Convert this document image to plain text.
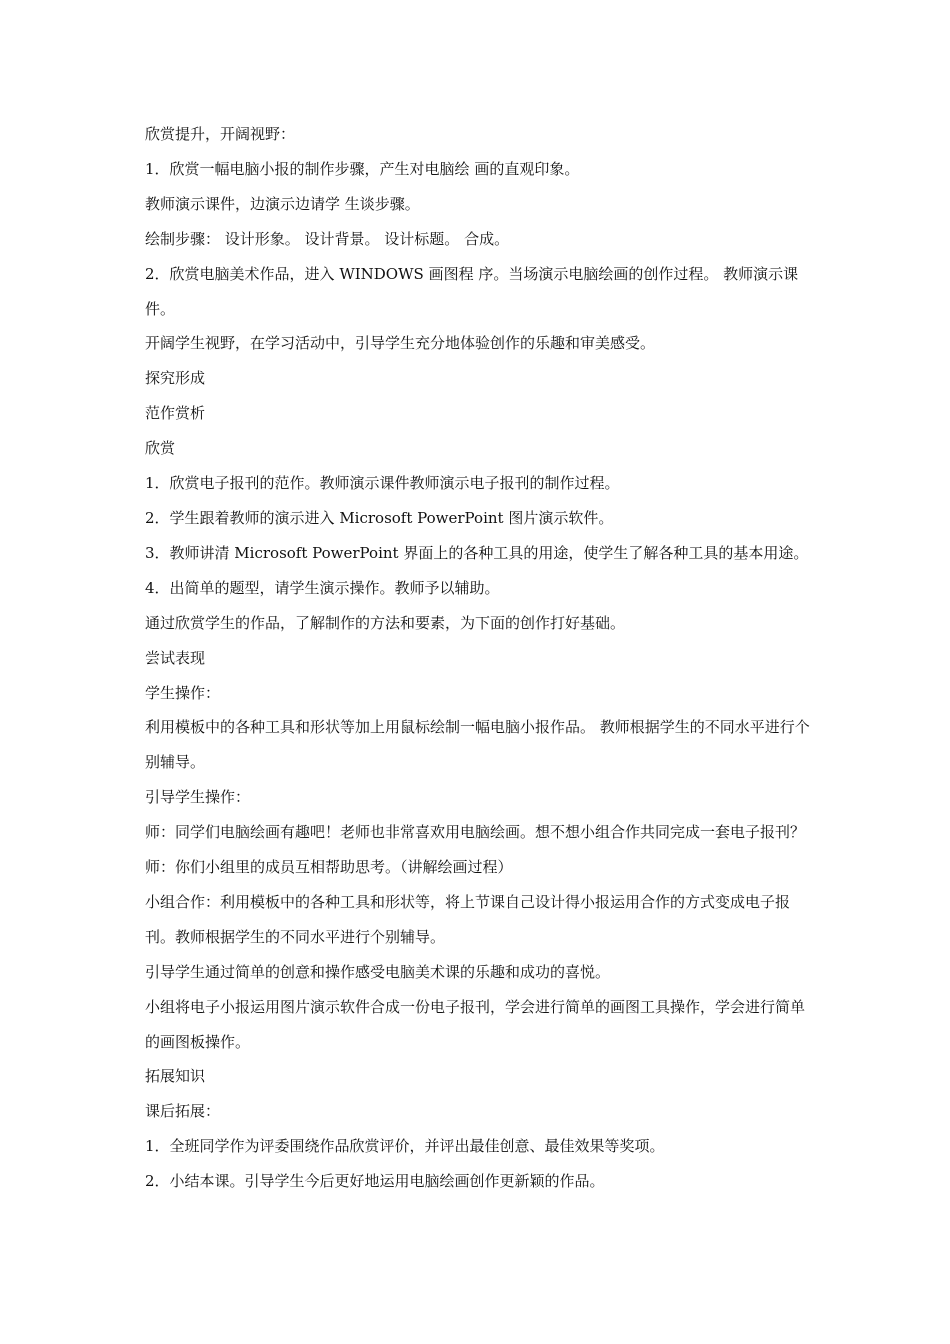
欣赏提升，开阔视野：

1．欣赏一幅电脑小报的制作步骤，产生对电脑绘 画的直观印象。

教师演示课件，边演示边请学 生谈步骤。

绘制步骤： 设计形象。 设计背景。 设计标题。 合成。

2．欣赏电脑美术作品，进入 WINDOWS 画图程 序。当场演示电脑绘画的创作过程。 教师演示课件。

开阔学生视野，在学习活动中，引导学生充分地体验创作的乐趣和审美感受。

探究形成

范作赏析

欣赏

1．欣赏电子报刊的范作。教师演示课件教师演示电子报刊的制作过程。

2．学生跟着教师的演示进入 Microsoft PowerPoint 图片演示软件。

3．教师讲清 Microsoft PowerPoint 界面上的各种工具的用途，使学生了解各种工具的基本用途。

4．出简单的题型，请学生演示操作。教师予以辅助。

通过欣赏学生的作品，了解制作的方法和要素，为下面的创作打好基础。

尝试表现

学生操作：

利用模板中的各种工具和形状等加上用鼠标绘制一幅电脑小报作品。 教师根据学生的不同水平进行个别辅导。

引导学生操作：

师：同学们电脑绘画有趣吧！老师也非常喜欢用电脑绘画。想不想小组合作共同完成一套电子报刊？ 师：你们小组里的成员互相帮助思考。（讲解绘画过程）

小组合作：利用模板中的各种工具和形状等，将上节课自己设计得小报运用合作的方式变成电子报刊。教师根据学生的不同水平进行个别辅导。

引导学生通过简单的创意和操作感受电脑美术课的乐趣和成功的喜悦。

小组将电子小报运用图片演示软件合成一份电子报刊，学会进行简单的画图工具操作，学会进行简单的画图板操作。

拓展知识

课后拓展：

1．全班同学作为评委围绕作品欣赏评价，并评出最佳创意、最佳效果等奖项。

2．小结本课。引导学生今后更好地运用电脑绘画创作更新颖的作品。
